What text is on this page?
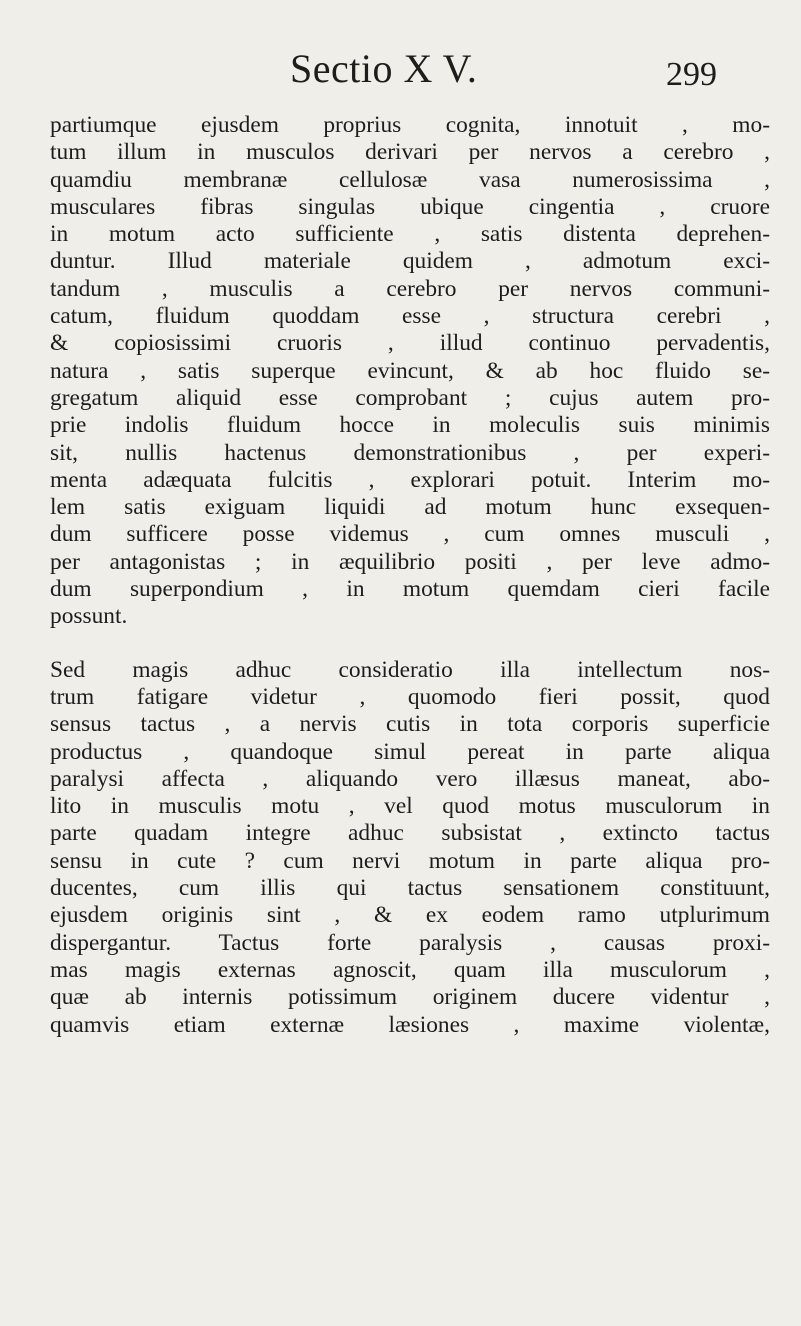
Sectio X V.	299

partiumque ejusdem proprius cognita, innotuit , mo-
tum illum in musculos derivari per nervos a cerebro ,
quamdiu membranæ cellulosæ vasa numerosissima ,
musculares fibras singulas ubique cingentia , cruore
in motum acto sufficiente , satis distenta deprehen-
duntur. Illud materiale quidem , admotum exci-
tandum , musculis a cerebro per nervos communi-
catum, fluidum quoddam esse , structura cerebri ,
& copiosissimi cruoris , illud continuo pervadentis,
natura , satis superque evincunt, & ab hoc fluido se-
gregatum aliquid esse comprobant ; cujus autem pro-
prie indolis fluidum hocce in moleculis suis minimis
sit, nullis hactenus demonstrationibus , per experi-
menta adæquata fulcitis , explorari potuit. Interim mo-
lem satis exiguam liquidi ad motum hunc exsequen-
dum sufficere posse videmus , cum omnes musculi ,
per antagonistas ; in æquilibrio positi , per leve admo-
dum superpondium , in motum quemdam cieri facile
possunt.

Sed magis adhuc consideratio illa intellectum nos-
trum fatigare videtur , quomodo fieri possit, quod
sensus tactus , a nervis cutis in tota corporis superficie
productus , quandoque simul pereat in parte aliqua
paralysi affecta , aliquando vero illæsus maneat, abo-
lito in musculis motu , vel quod motus musculorum in
parte quadam integre adhuc subsistat , extincto tactus
sensu in cute ? cum nervi motum in parte aliqua pro-
ducentes, cum illis qui tactus sensationem constituunt,
ejusdem originis sint , & ex eodem ramo utplurimum
dispergantur. Tactus forte paralysis , causas proxi-
mas magis externas agnoscit, quam illa musculorum ,
quæ ab internis potissimum originem ducere videntur ,
quamvis etiam externæ læsiones , maxime violentæ,
